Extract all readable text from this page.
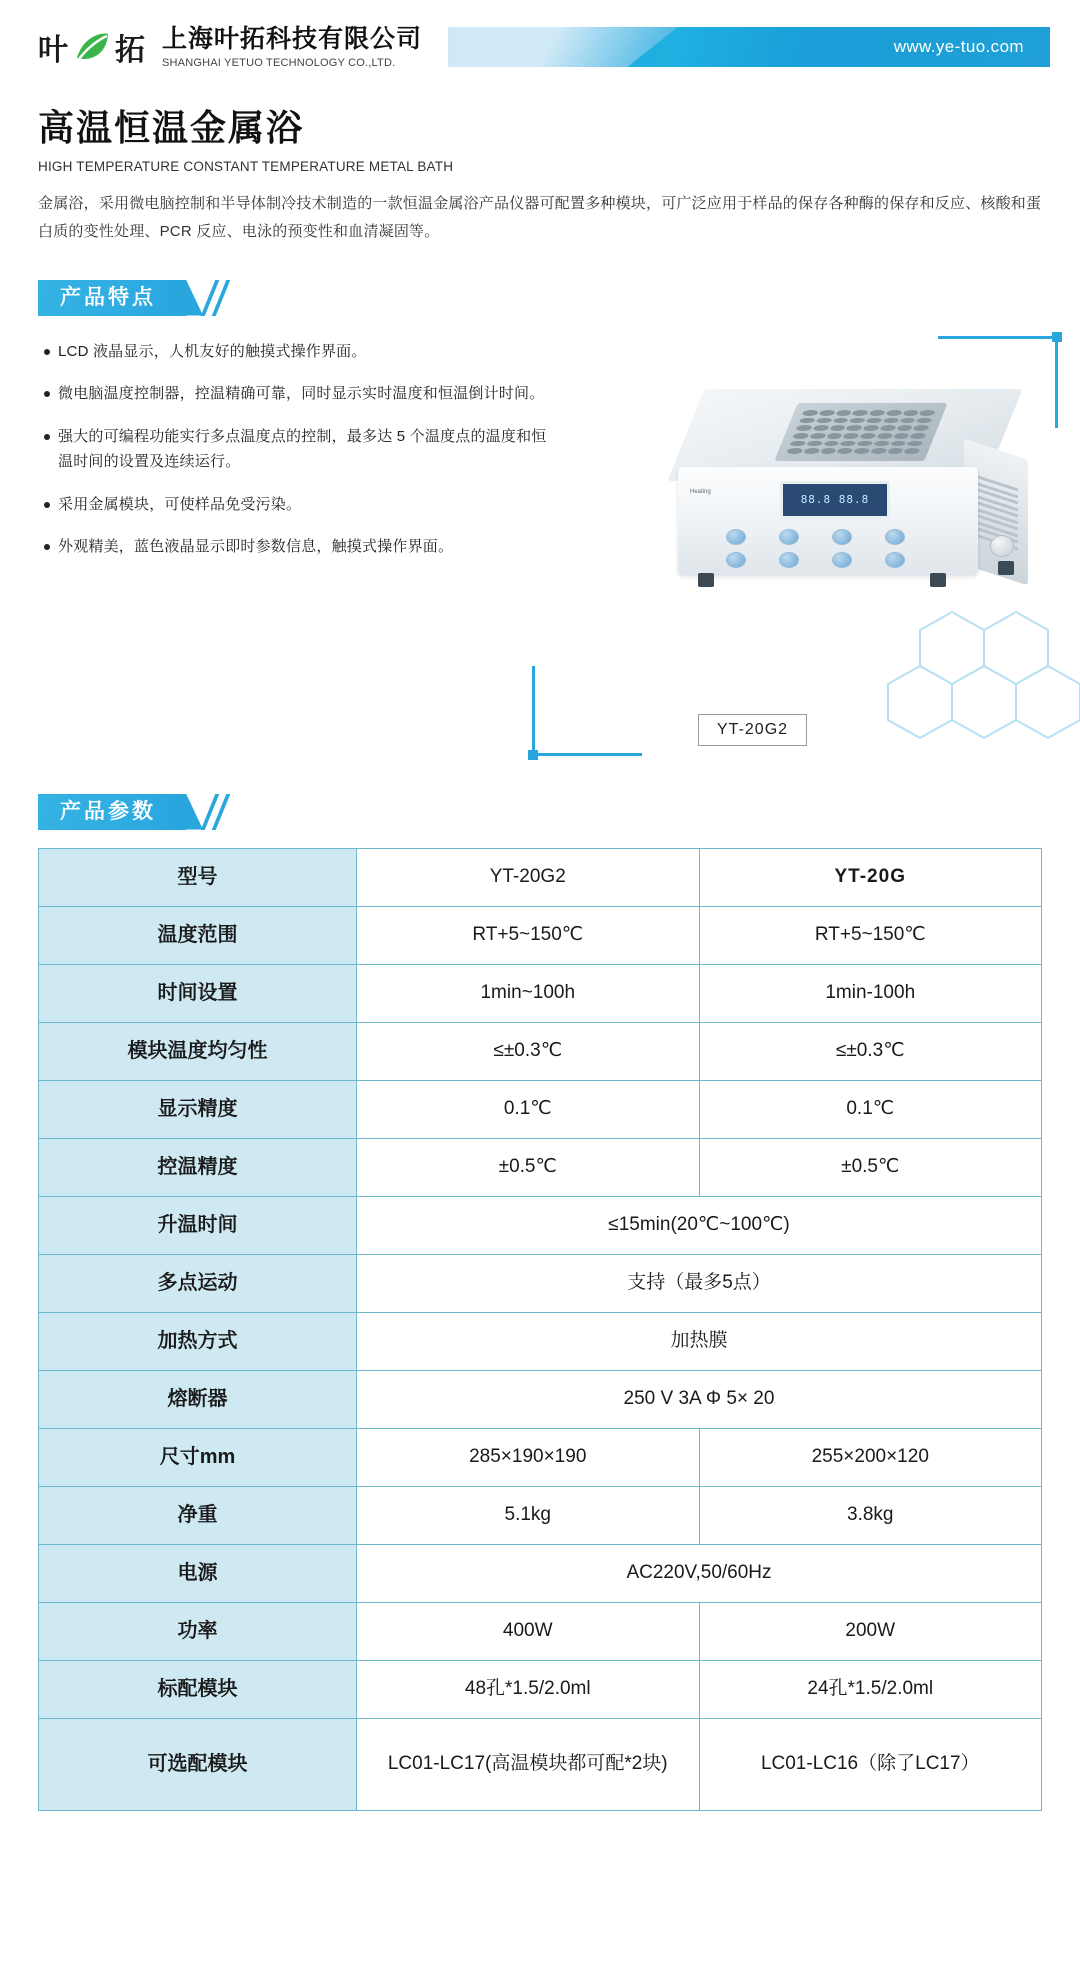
叶 拓 上海叶拓科技有限公司
SHANGHAI YETUO TECHNOLOGY CO.,LTD.
www.ye-tuo.com
高温恒温金属浴
HIGH TEMPERATURE CONSTANT TEMPERATURE METAL BATH

金属浴，采用微电脑控制和半导体制冷技术制造的一款恒温金属浴产品仪器可配置多种模块，可广泛应用于样品的保存各种酶的保存和反应、核酸和蛋白质的变性处理、PCR 反应、电泳的预变性和血清凝固等。

产品特点
LCD 液晶显示，人机友好的触摸式操作界面。
微电脑温度控制器，控温精确可靠，同时显示实时温度和恒温倒计时间。
强大的可编程功能实行多点温度点的控制，最多达 5 个温度点的温度和恒温时间的设置及连续运行。
采用金属模块，可使样品免受污染。
外观精美，蓝色液晶显示即时参数信息，触摸式操作界面。
88.8 88.8
Heating
YT-20G2
产品参数
型号	YT-20G2	YT-20G
温度范围	RT+5~150℃	RT+5~150℃
时间设置	1min~100h	1min-100h
模块温度均匀性	≤±0.3℃	≤±0.3℃
显示精度	0.1℃	0.1℃
控温精度	±0.5℃	±0.5℃
升温时间	≤15min(20℃~100℃)	
多点运动	支持（最多5点）	
加热方式	加热膜	
熔断器	250 V 3A Φ 5× 20	
尺寸mm	285×190×190	255×200×120
净重	5.1kg	3.8kg
电源	AC220V,50/60Hz	
功率	400W	200W
标配模块	48孔*1.5/2.0ml	24孔*1.5/2.0ml
可选配模块	LC01-LC17(高温模块都可配*2块)	LC01-LC16（除了LC17）
